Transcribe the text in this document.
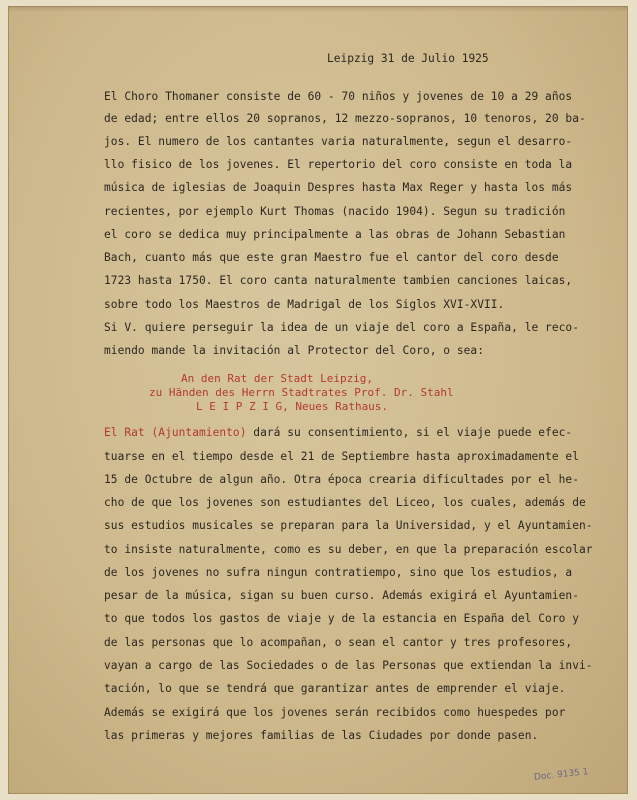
Leipzig 31 de Julio 1925
El Choro Thomaner consiste de 60 - 70 niños y jovenes de 10 a 29 años
de edad; entre ellos 20 sopranos, 12 mezzo-sopranos, 10 tenoros, 20 ba-
jos. El numero de los cantantes varia naturalmente, segun el desarro-
llo fisico de los jovenes. El repertorio del coro consiste en toda la
música de iglesias de Joaquin Despres hasta Max Reger y hasta los más
recientes, por ejemplo Kurt Thomas (nacido 1904). Segun su tradición
el coro se dedica muy principalmente a las obras de Johann Sebastian
Bach, cuanto más que este gran Maestro fue el cantor del coro desde
1723 hasta 1750. El coro canta naturalmente tambien canciones laicas,
sobre todo los Maestros de Madrigal de los Siglos XVI-XVII.
Si V. quiere perseguir la idea de un viaje del coro a España, le reco-
miendo mande la invitación al Protector del Coro, o sea:
An den Rat der Stadt Leipzig,
zu Händen des Herrn Stadtrates Prof. Dr. Stahl
L E I P Z I G, Neues Rathaus.
El Rat (Ajuntamiento) dará su consentimiento, si el viaje puede efec-
tuarse en el tiempo desde el 21 de Septiembre hasta aproximadamente el
15 de Octubre de algun año. Otra época crearia dificultades por el he-
cho de que los jovenes son estudiantes del Liceo, los cuales, además de
sus estudios musicales se preparan para la Universidad, y el Ayuntamien-
to insiste naturalmente, como es su deber, en que la preparación escolar
de los jovenes no sufra ningun contratiempo, sino que los estudios, a
pesar de la música, sigan su buen curso. Además exigirá el Ayuntamien-
to que todos los gastos de viaje y de la estancia en España del Coro y
de las personas que lo acompañan, o sean el cantor y tres profesores,
vayan a cargo de las Sociedades o de las Personas que extiendan la invi-
tación, lo que se tendrá que garantizar antes de emprender el viaje.
Además se exigirá que los jovenes serán recibidos como huespedes por
las primeras y mejores familias de las Ciudades por donde pasen.
Doc. 9135 1
